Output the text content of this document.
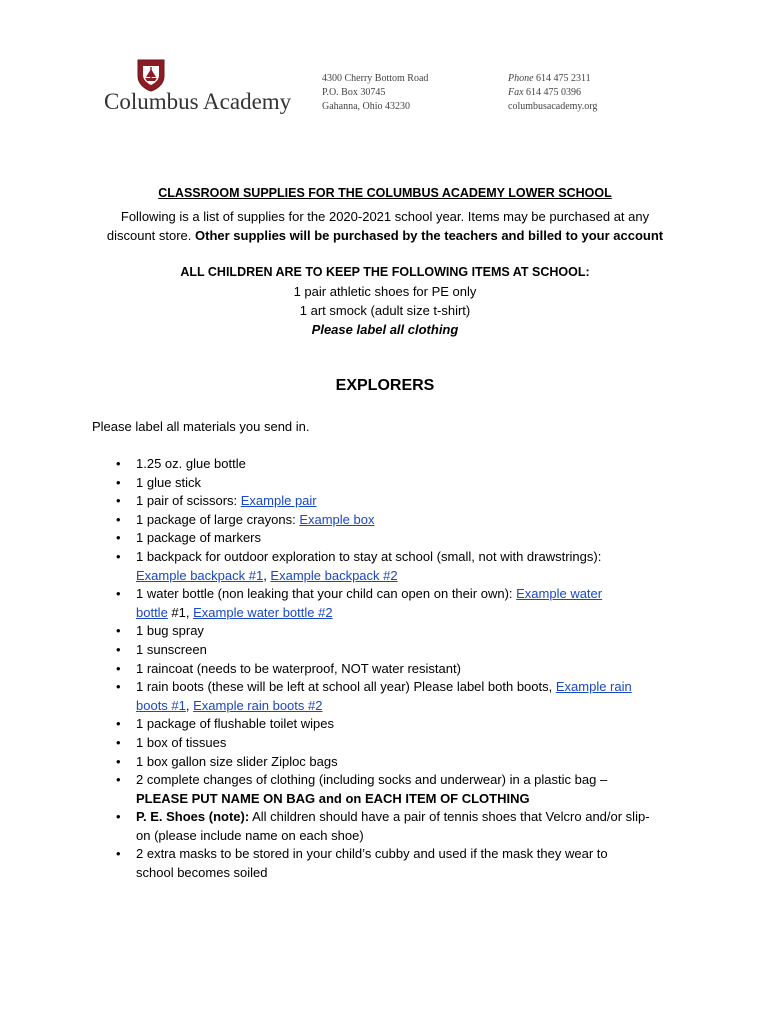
Columbus Academy
4300 Cherry Bottom Road
P.O. Box 30745
Gahanna, Ohio 43230
Phone 614 475 2311
Fax 614 475 0396
columbusacademy.org
CLASSROOM SUPPLIES FOR THE COLUMBUS ACADEMY LOWER SCHOOL
Following is a list of supplies for the 2020-2021 school year. Items may be purchased at any
discount store. Other supplies will be purchased by the teachers and billed to your account
ALL CHILDREN ARE TO KEEP THE FOLLOWING ITEMS AT SCHOOL:
1 pair athletic shoes for PE only
1 art smock (adult size t-shirt)
Please label all clothing
EXPLORERS
Please label all materials you send in.
• 1.25 oz. glue bottle
• 1 glue stick
• 1 pair of scissors: Example pair
• 1 package of large crayons: Example box
• 1 package of markers
• 1 backpack for outdoor exploration to stay at school (small, not with drawstrings):
Example backpack #1, Example backpack #2
• 1 water bottle (non leaking that your child can open on their own): Example water
bottle #1, Example water bottle #2
• 1 bug spray
• 1 sunscreen
• 1 raincoat (needs to be waterproof, NOT water resistant)
• 1 rain boots (these will be left at school all year) Please label both boots, Example rain
boots #1, Example rain boots #2
• 1 package of flushable toilet wipes
• 1 box of tissues
• 1 box gallon size slider Ziploc bags
• 2 complete changes of clothing (including socks and underwear) in a plastic bag –
PLEASE PUT NAME ON BAG and on EACH ITEM OF CLOTHING
• P. E. Shoes (note): All children should have a pair of tennis shoes that Velcro and/or slip-
on (please include name on each shoe)
• 2 extra masks to be stored in your child’s cubby and used if the mask they wear to
school becomes soiled
